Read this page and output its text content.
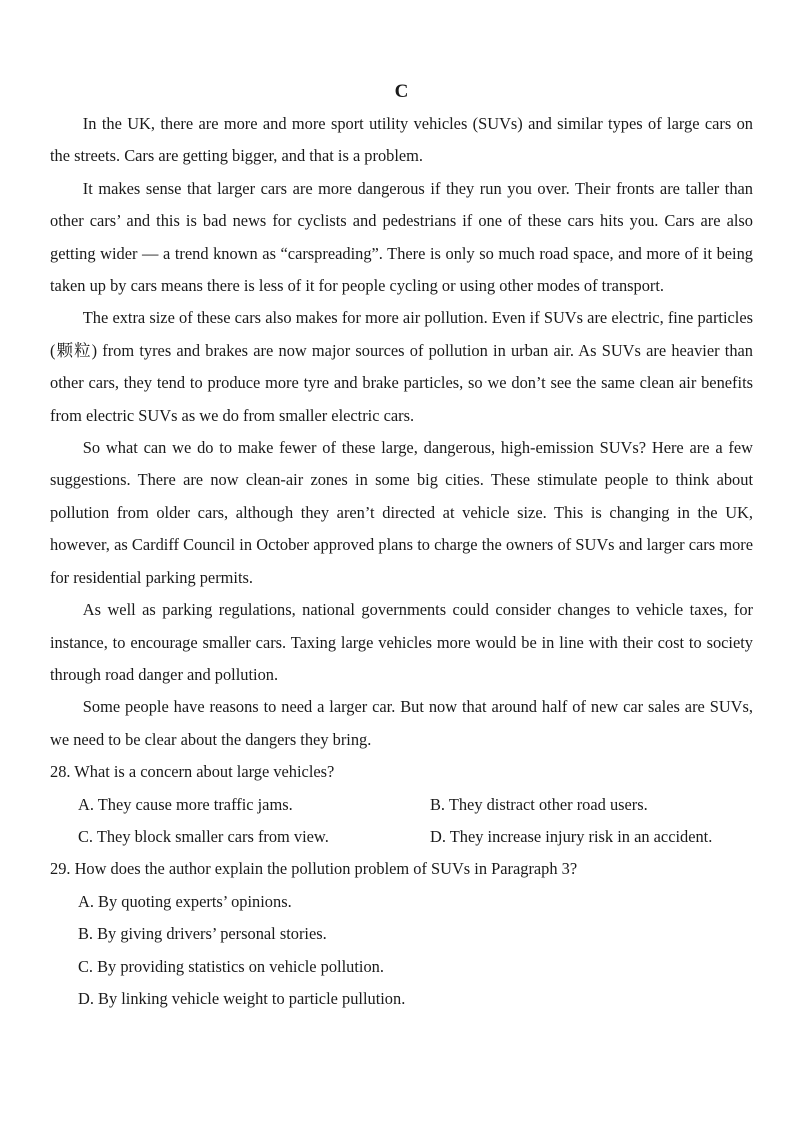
C

In the UK, there are more and more sport utility vehicles (SUVs) and similar types of large cars on the streets. Cars are getting bigger, and that is a problem.

It makes sense that larger cars are more dangerous if they run you over. Their fronts are taller than other cars’ and this is bad news for cyclists and pedestrians if one of these cars hits you. Cars are also getting wider — a trend known as “carspreading”. There is only so much road space, and more of it being taken up by cars means there is less of it for people cycling or using other modes of transport.

The extra size of these cars also makes for more air pollution. Even if SUVs are electric, fine particles (颗粒) from tyres and brakes are now major sources of pollution in urban air. As SUVs are heavier than other cars, they tend to produce more tyre and brake particles, so we don’t see the same clean air benefits from electric SUVs as we do from smaller electric cars.

So what can we do to make fewer of these large, dangerous, high-emission SUVs? Here are a few suggestions. There are now clean-air zones in some big cities. These stimulate people to think about pollution from older cars, although they aren’t directed at vehicle size. This is changing in the UK, however, as Cardiff Council in October approved plans to charge the owners of SUVs and larger cars more for residential parking permits.

As well as parking regulations, national governments could consider changes to vehicle taxes, for instance, to encourage smaller cars. Taxing large vehicles more would be in line with their cost to society through road danger and pollution.

Some people have reasons to need a larger car. But now that around half of new car sales are SUVs, we need to be clear about the dangers they bring.

28. What is a concern about large vehicles?

A. They cause more traffic jams.	B. They distract other road users.
C. They block smaller cars from view.	D. They increase injury risk in an accident.

29. How does the author explain the pollution problem of SUVs in Paragraph 3?

A. By quoting experts’ opinions.
B. By giving drivers’ personal stories.
C. By providing statistics on vehicle pollution.
D. By linking vehicle weight to particle pullution.
